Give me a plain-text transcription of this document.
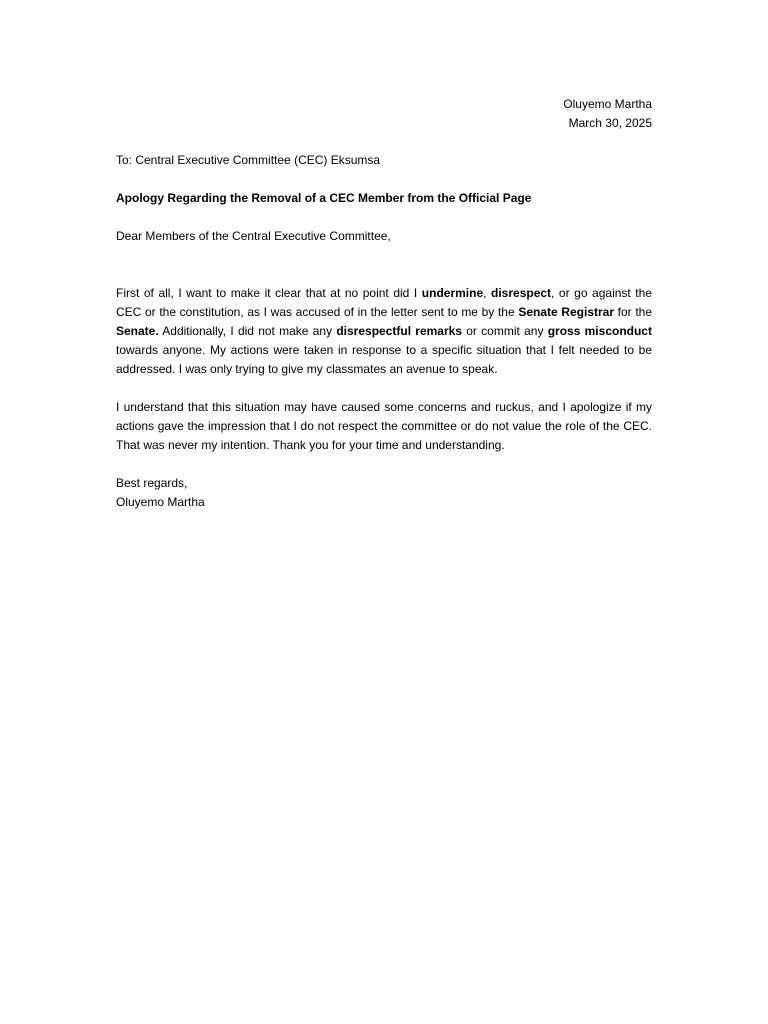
Oluyemo Martha
March 30, 2025
To: Central Executive Committee (CEC) Eksumsa
Apology Regarding the Removal of a CEC Member from the Official Page
Dear Members of the Central Executive Committee,

First of all, I want to make it clear that at no point did I undermine, disrespect, or go against the CEC or the constitution, as I was accused of in the letter sent to me by the Senate Registrar for the Senate. Additionally, I did not make any disrespectful remarks or commit any gross misconduct towards anyone. My actions were taken in response to a specific situation that I felt needed to be addressed. I was only trying to give my classmates an avenue to speak.

I understand that this situation may have caused some concerns and ruckus, and I apologize if my actions gave the impression that I do not respect the committee or do not value the role of the CEC. That was never my intention. Thank you for your time and understanding.

Best regards,
Oluyemo Martha
